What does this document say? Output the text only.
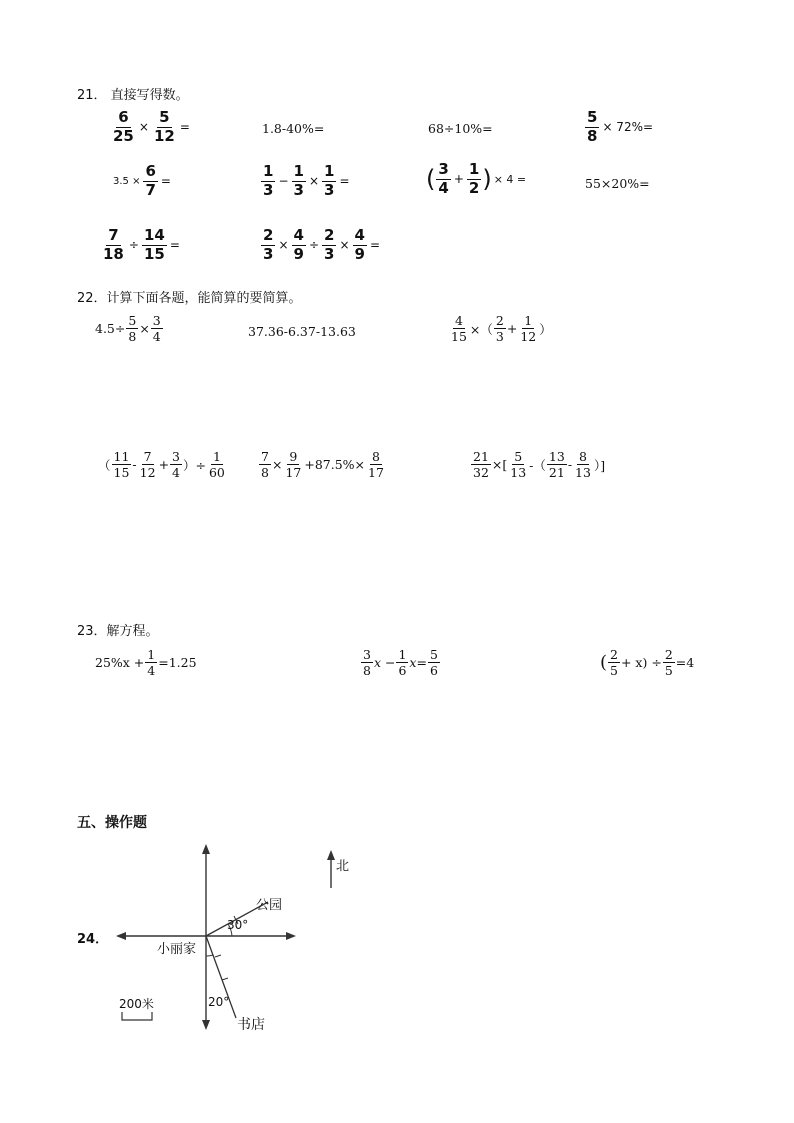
21． 直接写得数。
$\frac{6}{25} \times \frac{5}{12}$ =	1.8-40%=	68÷10%=	$\frac{5}{8} \times 72\%=$
$3.5 \times \frac{6}{7}$ =	$\frac{1}{3} - \frac{1}{3} \times \frac{1}{3}$ =	( $\frac{3}{4} + \frac{1}{2}$ ) × 4 =	55×20%=
$\frac{7}{18} \div \frac{14}{15}$ =	$\frac{2}{3} \times \frac{4}{9} \div \frac{2}{3} \times \frac{4}{9}$ =
22．计算下面各题，能简算的要简算。
$4.5\div \frac{5}{8} \times \frac{3}{4}$	37.36-6.37-13.63	$\frac{4}{15}$ ×（ $\frac{2}{3} + \frac{1}{12}$ ）
（ $\frac{11}{15} - \frac{7}{12} + \frac{3}{4}$ ）÷ $\frac{1}{60}$	$\frac{7}{8} \times \frac{9}{17} +87.5\%\times \frac{8}{17}$	$\frac{21}{32}$ ×[ $\frac{5}{13}$ -（ $\frac{13}{21} - \frac{8}{13}$ ）]
23．解方程。
$25\%x + \frac{1}{4} =1.25$	$\frac{3}{8}$ $x - \frac{1}{6} x= \frac{5}{6}$	( $\frac{2}{5} + x) \div \frac{2}{5} =4$
五、操作题
24．
北
公园
30°
小丽家
200米	20°
书店
